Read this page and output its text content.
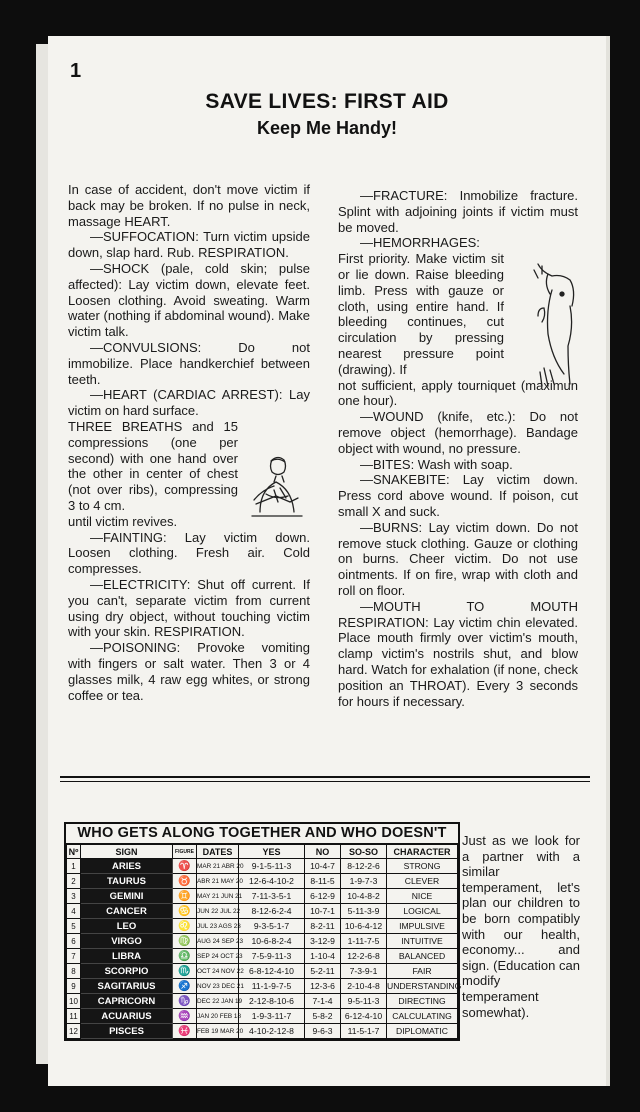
1
SAVE LIVES: FIRST AID
Keep Me Handy!

In case of accident, don't move victim if back may be broken. If no pulse in neck, massage HEART.

—SUFFOCATION: Turn victim upside down, slap hard. Rub. RESPIRATION.

—SHOCK (pale, cold skin; pulse affected): Lay victim down, elevate feet. Loosen clothing. Avoid sweating. Warm water (nothing if abdominal wound). Make victim talk.

—CONVULSIONS: Do not immobilize. Place handkerchief between teeth.

—HEART (CARDIAC ARREST): Lay victim on hard surface.

THREE BREATHS and 15 compressions (one per second) with one hand over the other in center of chest (not over ribs), compressing 3 to 4 cm.

until victim revives.

—FAINTING: Lay victim down. Loosen clothing. Fresh air. Cold compresses.

—ELECTRICITY: Shut off current. If you can't, separate victim from current using dry object, without touching victim with your skin. RESPIRATION.

—POISONING: Provoke vomiting with fingers or salt water. Then 3 or 4 glasses milk, 4 raw egg whites, or strong coffee or tea.

—FRACTURE: Inmobilize fracture. Splint with adjoining joints if victim must be moved.

—HEMORRHAGES:

First priority. Make victim sit or lie down. Raise bleeding limb. Press with gauze or cloth, using entire hand. If bleeding continues, cut circulation by pressing nearest pressure point (drawing). If

not sufficient, apply tourniquet (maximun one hour).

—WOUND (knife, etc.): Do not remove object (hemorrhage). Bandage object with wound, no pressure.

—BITES: Wash with soap.

—SNAKEBITE: Lay victim down. Press cord above wound. If poison, cut small X and suck.

—BURNS: Lay victim down. Do not remove stuck clothing. Gauze or clothing on burns. Cheer victim. Do not use ointments. If on fire, wrap with cloth and roll on floor.

—MOUTH TO MOUTH RESPIRATION: Lay victim chin elevated. Place mouth firmly over victim's mouth, clamp victim's nostrils shut, and blow hard. Watch for exhalation (if none, check position an THROAT). Every 3 seconds for hours if necessary.

WHO GETS ALONG TOGETHER AND WHO DOESN'T
Nº	SIGN	FIGURE	DATES	YES	NO	SO-SO	CHARACTER
1	ARIES	♈	MAR 21 ABR 20	9-1-5-11-3	10-4-7	8-12-2-6	STRONG
2	TAURUS	♉	ABR 21 MAY 20	12-6-4-10-2	8-11-5	1-9-7-3	CLEVER
3	GEMINI	♊	MAY 21 JUN 21	7-11-3-5-1	6-12-9	10-4-8-2	NICE
4	CANCER	♋	JUN 22 JUL 22	8-12-6-2-4	10-7-1	5-11-3-9	LOGICAL
5	LEO	♌	JUL 23 AGS 23	9-3-5-1-7	8-2-11	10-6-4-12	IMPULSIVE
6	VIRGO	♍	AUG 24 SEP 23	10-6-8-2-4	3-12-9	1-11-7-5	INTUITIVE
7	LIBRA	♎	SEP 24 OCT 23	7-5-9-11-3	1-10-4	12-2-6-8	BALANCED
8	SCORPIO	♏	OCT 24 NOV 22	6-8-12-4-10	5-2-11	7-3-9-1	FAIR
9	SAGITARIUS	♐	NOV 23 DEC 21	11-1-9-7-5	12-3-6	2-10-4-8	UNDERSTANDING
10	CAPRICORN	♑	DEC 22 JAN 19	2-12-8-10-6	7-1-4	9-5-11-3	DIRECTING
11	ACUARIUS	♒	JAN 20 FEB 18	1-9-3-11-7	5-8-2	6-12-4-10	CALCULATING
12	PISCES	♓	FEB 19 MAR 20	4-10-2-12-8	9-6-3	11-5-1-7	DIPLOMATIC
Just as we look for a partner with a similar temperament, let's plan our children to be born compatibly with our health, economy... and sign. (Education can modify temperament somewhat).
